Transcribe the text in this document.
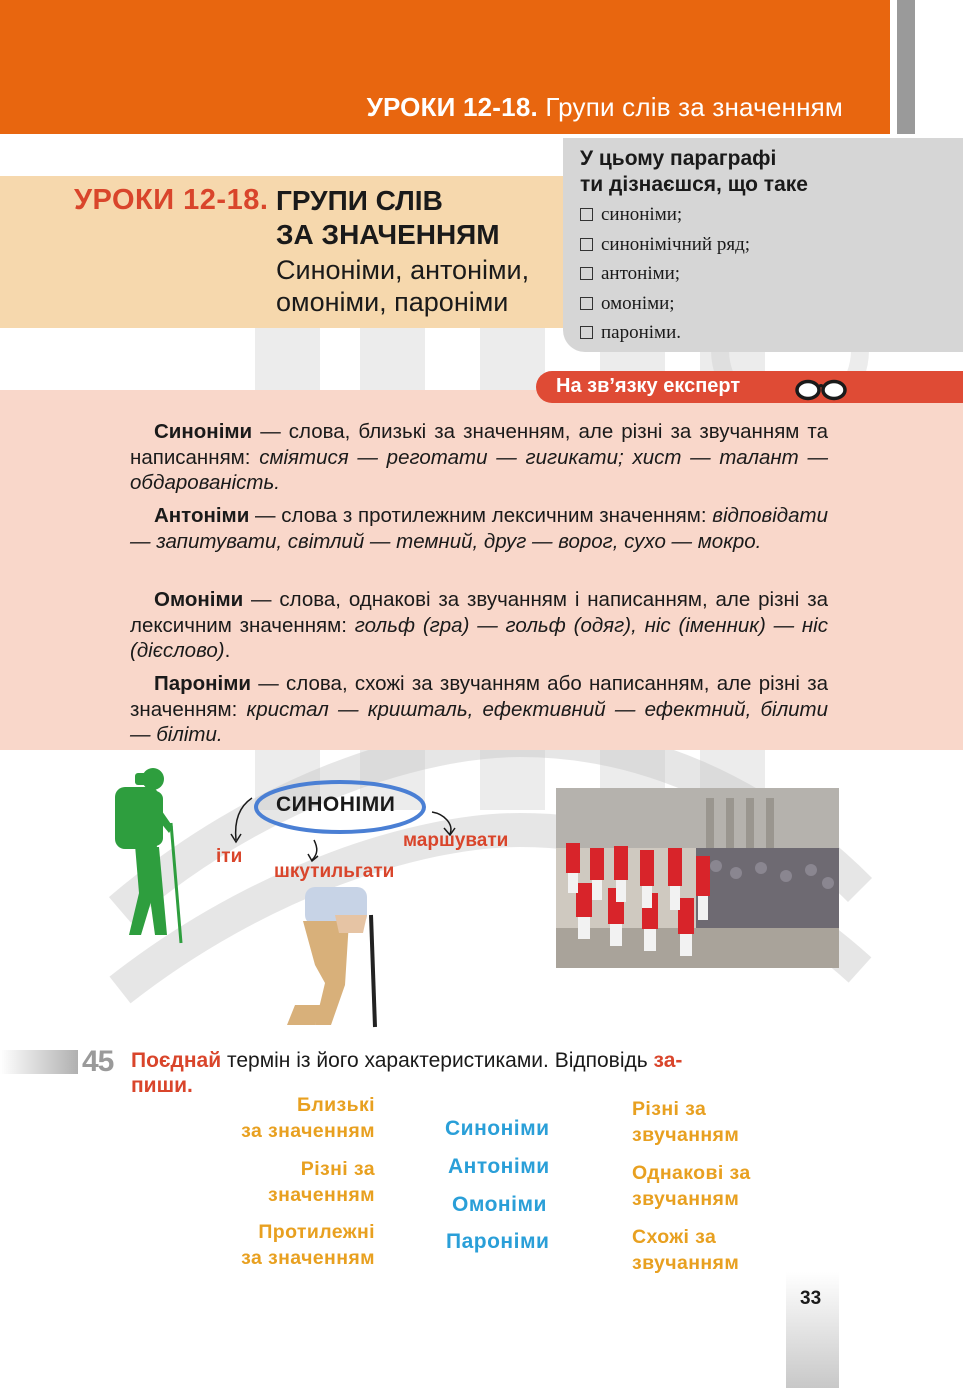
УРОКИ 12-18. Групи слів за значенням
УРОКИ 12-18. ГРУПИ СЛІВ
ЗА ЗНАЧЕННЯМ
Синоніми, антоніми,
омоніми, пароніми
У цьому параграфі
ти дізнаєшся, що таке
синоніми;
синонімічний ряд;
антоніми;
омоніми;
пароніми.
На зв’язку експерт

Синоніми — слова, близькі за значенням, але різні за звучанням та написанням: сміятися — реготати — гигикати; хист — талант — обдарованість.

Антоніми — слова з протилежним лексичним значенням: відповідати — запитувати, світлий — темний, друг — ворог, сухо — мокро.

Омоніми — слова, однакові за звучанням і написанням, але різні за лексичним значенням: гольф (гра) — гольф (одяг), ніс (іменник) — ніс (дієслово).

Пароніми — слова, схожі за звучанням або написанням, але різні за значенням: кристал — кришталь, ефективний — ефектний, білити — біліти.

СИНОНІМИ
іти
шкутильгати
маршувати
45 Поєднай термін із його характеристиками. Відповідь за-
пиши.
Близькі
за значенням
Різні за
значенням
Протилежні
за значенням
Синоніми
Антоніми
Омоніми
Пароніми
Різні за
звучанням
Однакові за
звучанням
Схожі за
звучанням
33
